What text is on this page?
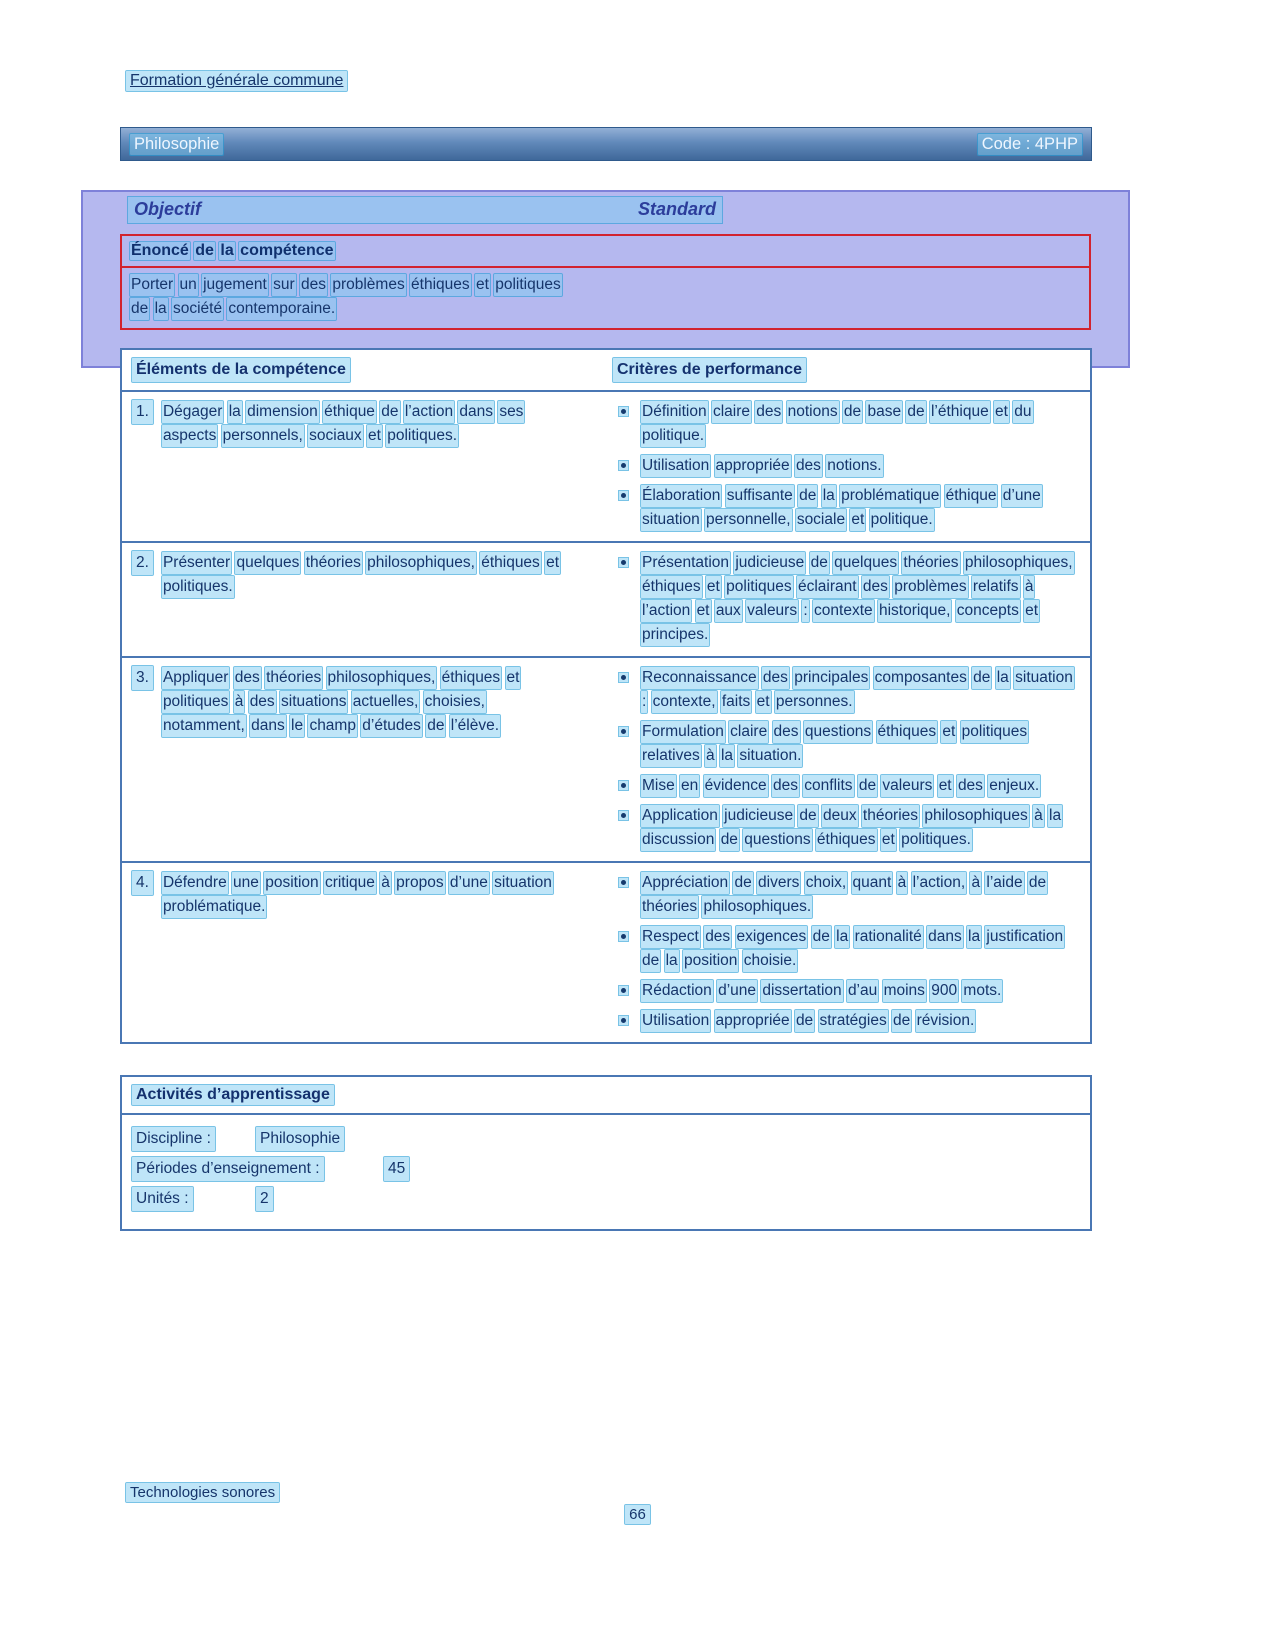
Formation générale commune
Philosophie	Code : 4PHP
Objectif	Standard
Énoncé de la compétence
Porter un jugement sur des problèmes éthiques et politiques de la société contemporaine.
Éléments de la compétence	Critères de performance
1. Dégager la dimension éthique de l’action dans ses aspects personnels, sociaux et politiques.
Définition claire des notions de base de l’éthique et du politique.
Utilisation appropriée des notions.
Élaboration suffisante de la problématique éthique d’une situation personnelle, sociale et politique.
2. Présenter quelques théories philosophiques, éthiques et politiques.
Présentation judicieuse de quelques théories philosophiques, éthiques et politiques éclairant des problèmes relatifs à l’action et aux valeurs : contexte historique, concepts et principes.
3. Appliquer des théories philosophiques, éthiques et politiques à des situations actuelles, choisies, notamment, dans le champ d’études de l’élève.
Reconnaissance des principales composantes de la situation : contexte, faits et personnes.
Formulation claire des questions éthiques et politiques relatives à la situation.
Mise en évidence des conflits de valeurs et des enjeux.
Application judicieuse de deux théories philosophiques à la discussion de questions éthiques et politiques.
4. Défendre une position critique à propos d’une situation problématique.
Appréciation de divers choix, quant à l’action, à l’aide de théories philosophiques.
Respect des exigences de la rationalité dans la justification de la position choisie.
Rédaction d’une dissertation d’au moins 900 mots.
Utilisation appropriée de stratégies de révision.
Activités d’apprentissage
Discipline :	Philosophie
Périodes d’enseignement :	45
Unités :	2
Technologies sonores
66
